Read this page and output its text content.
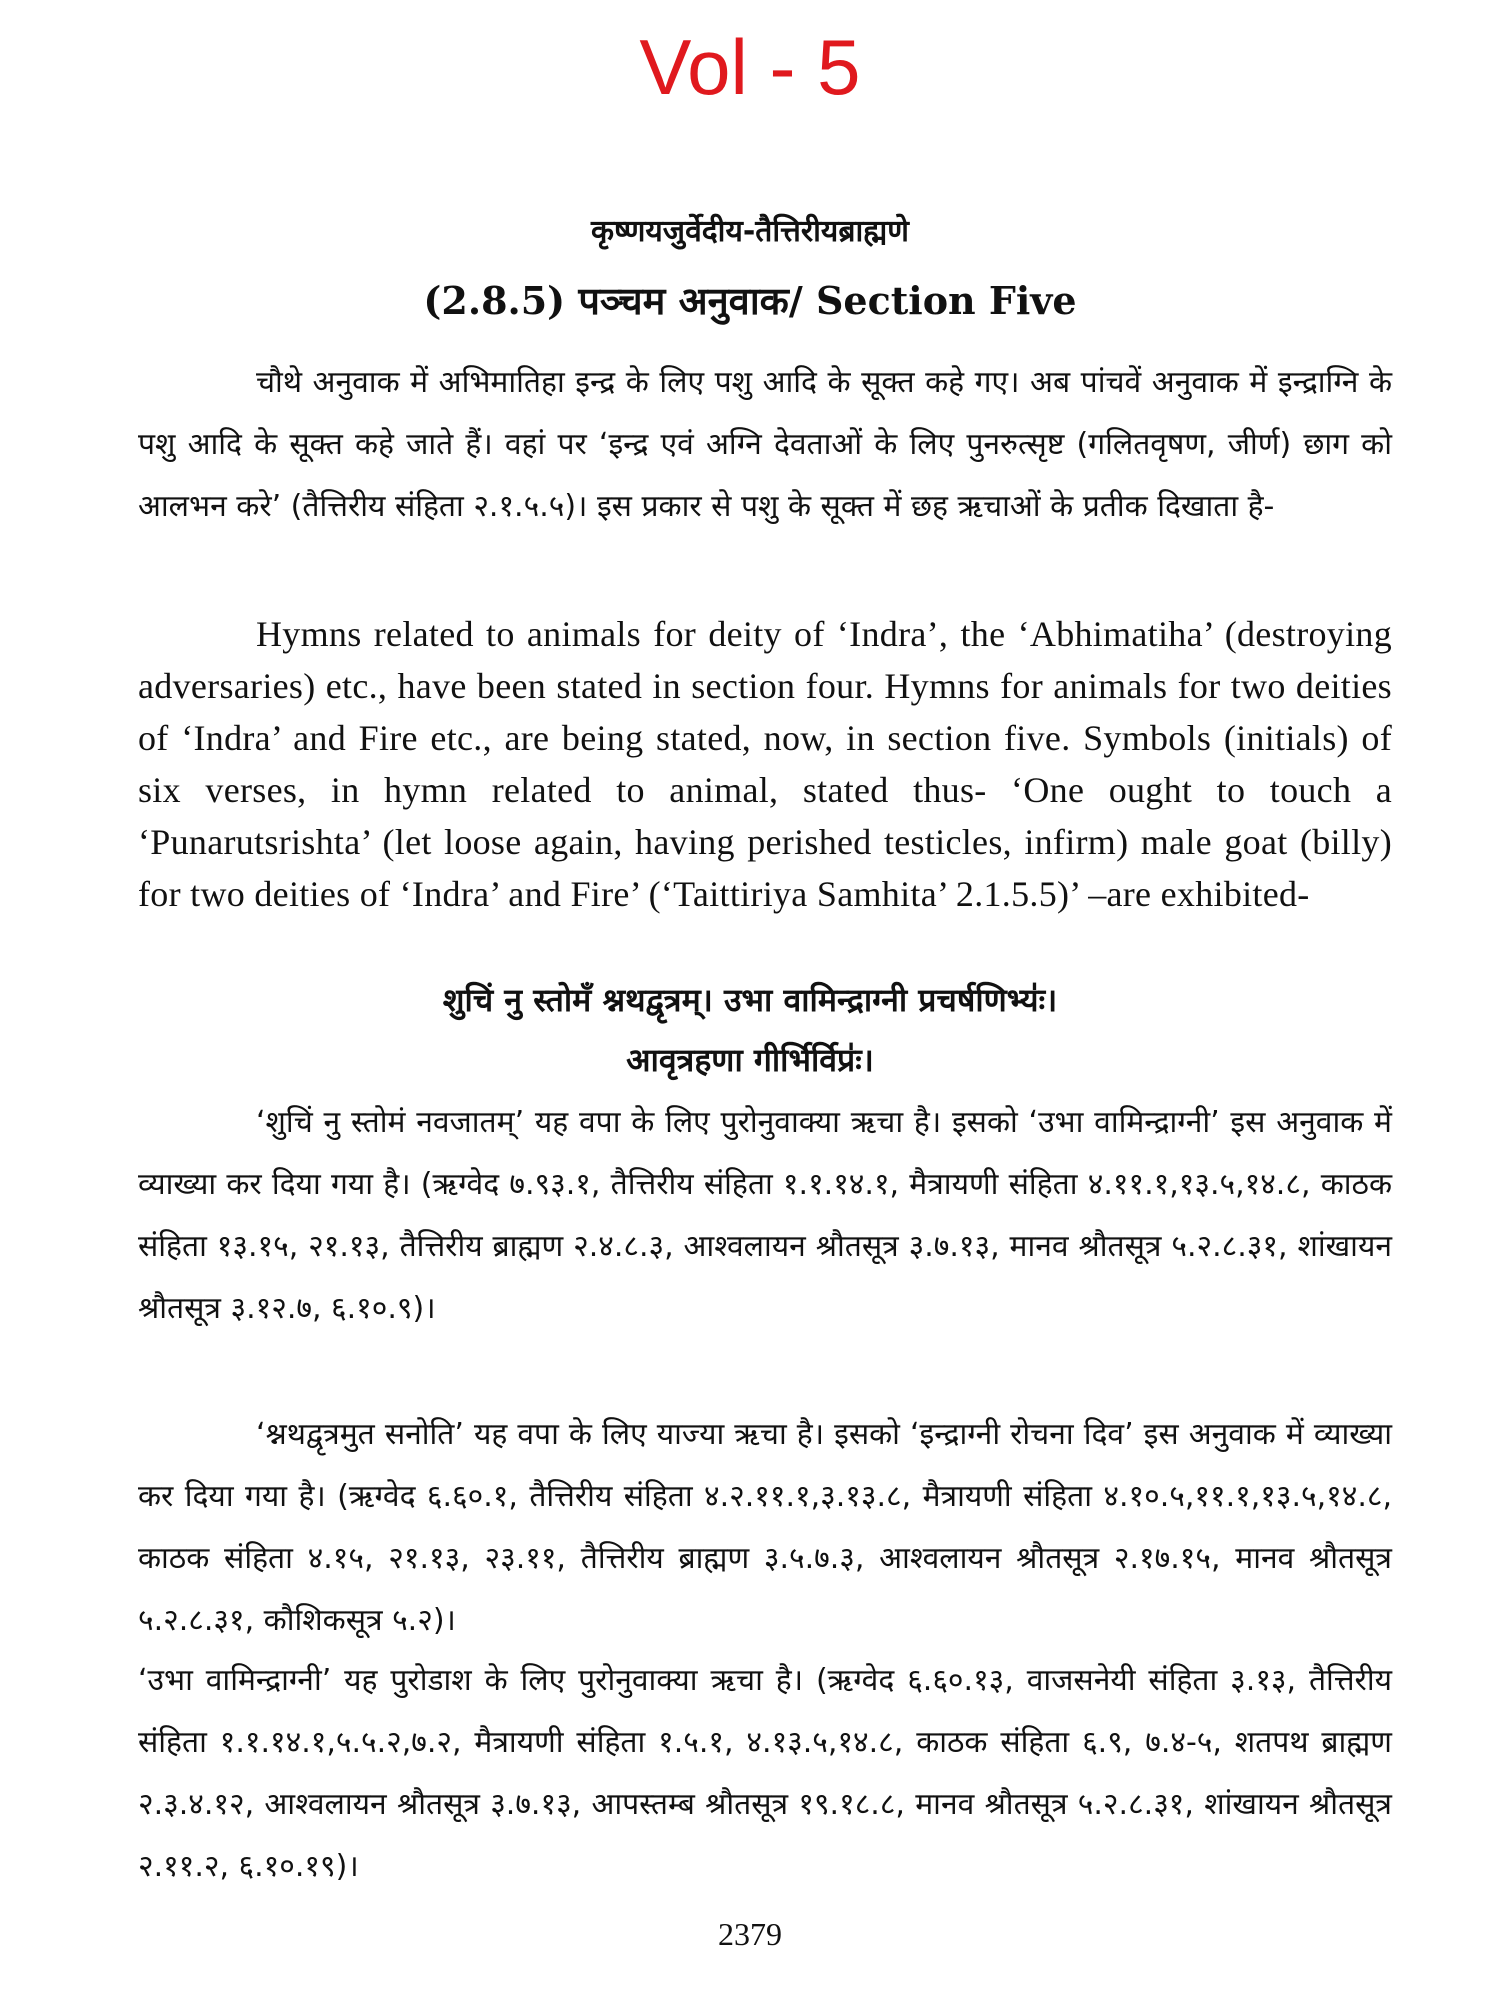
Vol - 5
कृष्णयजुर्वेदीय-तैत्तिरीयब्राह्मणे
(2.8.5) पञ्चम अनुवाक/ Section Five

चौथे अनुवाक में अभिमातिहा इन्द्र के लिए पशु आदि के सूक्त कहे गए। अब पांचवें अनुवाक में इन्द्राग्नि के पशु आदि के सूक्त कहे जाते हैं। वहां पर ‘इन्द्र एवं अग्नि देवताओं के लिए पुनरुत्सृष्ट (गलितवृषण, जीर्ण) छाग को आलभन करे’ (तैत्तिरीय संहिता २.१.५.५)। इस प्रकार से पशु के सूक्त में छह ऋचाओं के प्रतीक दिखाता है-

Hymns related to animals for deity of ‘Indra’, the ‘Abhimatiha’ (destroying adversaries) etc., have been stated in section four. Hymns for animals for two deities of ‘Indra’ and Fire etc., are being stated, now, in section five. Symbols (initials) of six verses, in hymn related to animal, stated thus- ‘One ought to touch a ‘Punarutsrishta’ (let loose again, having perished testicles, infirm) male goat (billy) for two deities of ‘Indra’ and Fire’ (‘Taittiriya Samhita’ 2.1.5.5)’ –are exhibited-

शुचिं नु स्तोमँ श्नथद्वृत्रम्। उभा वामिन्द्राग्नी प्रचर्षणिभ्यः॑।
आवृत्रहणा गीर्भिर्विप्रः॑।

‘शुचिं नु स्तोमं नवजातम्’ यह वपा के लिए पुरोनुवाक्या ऋचा है। इसको ‘उभा वामिन्द्राग्नी’ इस अनुवाक में व्याख्या कर दिया गया है। (ऋग्वेद ७.९३.१, तैत्तिरीय संहिता १.१.१४.१, मैत्रायणी संहिता ४.११.१,१३.५,१४.८, काठक संहिता १३.१५, २१.१३, तैत्तिरीय ब्राह्मण २.४.८.३, आश्वलायन श्रौतसूत्र ३.७.१३, मानव श्रौतसूत्र ५.२.८.३१, शांखायन श्रौतसूत्र ३.१२.७, ६.१०.९)।

‘श्नथद्वृत्रमुत सनोति’ यह वपा के लिए याज्या ऋचा है। इसको ‘इन्द्राग्नी रोचना दिव’ इस अनुवाक में व्याख्या कर दिया गया है। (ऋग्वेद ६.६०.१, तैत्तिरीय संहिता ४.२.११.१,३.१३.८, मैत्रायणी संहिता ४.१०.५,११.१,१३.५,१४.८, काठक संहिता ४.१५, २१.१३, २३.११, तैत्तिरीय ब्राह्मण ३.५.७.३, आश्वलायन श्रौतसूत्र २.१७.१५, मानव श्रौतसूत्र ५.२.८.३१, कौशिकसूत्र ५.२)।

‘उभा वामिन्द्राग्नी’ यह पुरोडाश के लिए पुरोनुवाक्या ऋचा है। (ऋग्वेद ६.६०.१३, वाजसनेयी संहिता ३.१३, तैत्तिरीय संहिता १.१.१४.१,५.५.२,७.२, मैत्रायणी संहिता १.५.१, ४.१३.५,१४.८, काठक संहिता ६.९, ७.४-५, शतपथ ब्राह्मण २.३.४.१२, आश्वलायन श्रौतसूत्र ३.७.१३, आपस्तम्ब श्रौतसूत्र १९.१८.८, मानव श्रौतसूत्र ५.२.८.३१, शांखायन श्रौतसूत्र २.११.२, ६.१०.१९)।

2379
